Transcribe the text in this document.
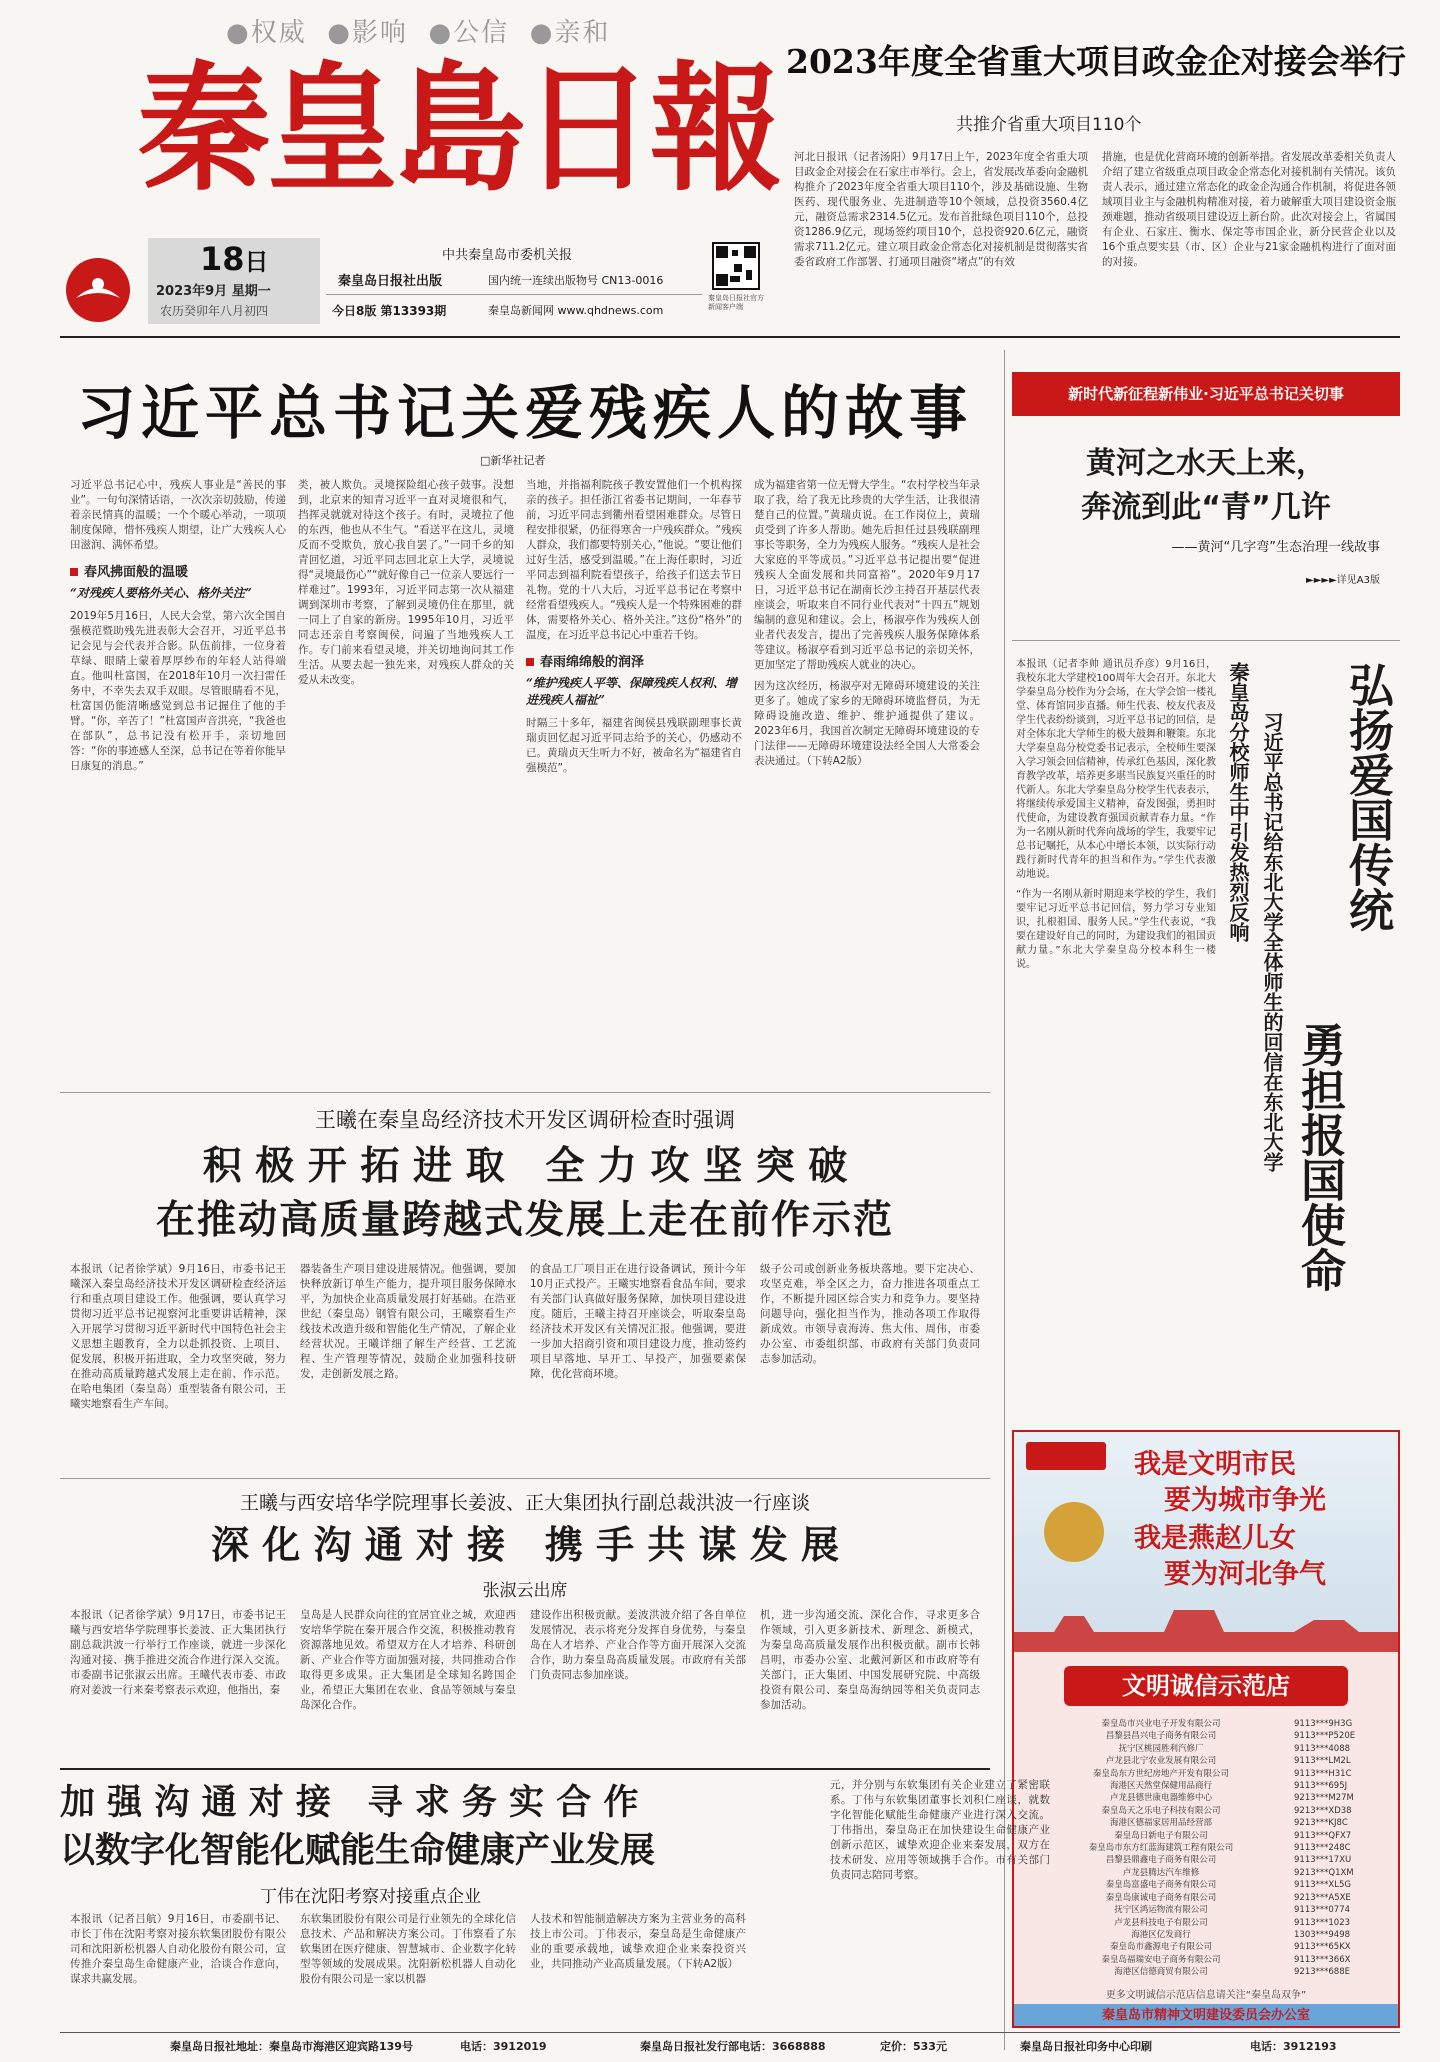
●权威 ●影响 ●公信 ●亲和
秦皇島日報
18日
2023年9月 星期一
农历癸卯年八月初四
中共秦皇岛市委机关报
秦皇岛日报社出版	国内统一连续出版物号 CN13-0016
今日8版 第13393期	秦皇岛新闻网 www.qhdnews.com
秦皇岛日报社官方新闻客户端
2023年度全省重大项目政金企对接会举行
共推介省重大项目110个
河北日报讯（记者汤阳）9月17日上午，2023年度全省重大项目政金企对接会在石家庄市举行。会上，省发展改革委向金融机构推介了2023年度全省重大项目110个，涉及基础设施、生物医药、现代服务业、先进制造等10个领域，总投资3560.4亿元，融资总需求2314.5亿元。发布首批绿色项目110个，总投资1286.9亿元，现场签约项目10个，总投资920.6亿元，融资需求711.2亿元。建立项目政金企常态化对接机制是贯彻落实省委省政府工作部署、打通项目融资“堵点”的有效
措施，也是优化营商环境的创新举措。省发展改革委相关负责人介绍了建立省级重点项目政金企常态化对接机制有关情况。该负责人表示，通过建立常态化的政金企沟通合作机制，将促进各领域项目业主与金融机构精准对接，着力破解重大项目建设资金瓶颈难题，推动省级项目建设迈上新台阶。此次对接会上，省属国有企业、石家庄、衡水、保定等市国企业，新分民营企业以及16个重点要实县（市、区）企业与21家金融机构进行了面对面的对接。
习近平总书记关爱残疾人的故事
□新华社记者
习近平总书记心中，残疾人事业是“善民的事业”。一句句深情话语，一次次亲切鼓励，传递着亲民情真的温暖；一个个暖心举动，一项项制度保障，惜怀残疾人期望，让广大残疾人心田滋润、满怀希望。
春风拂面般的温暖
“对残疾人要格外关心、格外关注”
2019年5月16日，人民大会堂，第六次全国自强模范暨助残先进表彰大会召开，习近平总书记会见与会代表并合影。队伍前排，一位身着草绿、眼睛上蒙着厚厚纱布的年轻人站得端直。他叫杜富国，在2018年10月一次扫雷任务中，不幸失去双手双眼。尽管眼睛看不见，杜富国仍能清晰感觉到总书记握住了他的手臂。“你，辛苦了！”杜富国声音洪亮，“我爸也在部队”，总书记没有松开手，亲切地回答：“你的事迹感人至深，总书记在等着你能早日康复的消息。”
类，被人欺负。灵境探险组心孩子鼓事。没想到，北京来的知青习近平一直对灵境很和气，挡挥灵就就对待这个孩子。有时，灵境拉了他的东西，他也从不生气。“看送平在这儿，灵境反而不受欺负，放心我自罢了。”一同千乡的知青回忆道，习近平同志回北京上大学，灵境说得“灵境最伤心”“就好像自己一位亲人要远行一样难过”。1993年，习近平同志第一次从福建调到深圳市考察，了解到灵境仍住在那里，就一同上了自家的新房。1995年10月，习近平同志还亲自考察闽侯，问遍了当地残疾人工作。专门前来看望灵境，并关切地询问其工作生活。从要去起一独先来，对残疾人群众的关爱从未改变。
当地，并指福利院孩子教安置他们一个机构探亲的孩子。担任浙江省委书记期间，一年春节前，习近平同志到衢州看望困难群众。尽管日程安排很紧，仍征得寒舍一户残疾群众。“残疾人群众，我们都要特别关心，”他说。“要让他们过好生活，感受到温暖。”在上海任职时，习近平同志到福利院看望孩子，给孩子们送去节日礼物。党的十八大后，习近平总书记在考察中经常看望残疾人。“残疾人是一个特殊困难的群体，需要格外关心、格外关注。”这份“格外”的温度，在习近平总书记心中重若千钧。
春雨绵绵般的润泽
“维护残疾人平等、保障残疾人权利、增进残疾人福祉”
时隔三十多年，福建省闽侯县残联副理事长黄瑞贞回忆起习近平同志给予的关心，仍感动不已。黄瑞贞天生听力不好，被命名为“福建省自强模范”。
成为福建省第一位无臂大学生。“农村学校当年录取了我，给了我无比珍贵的大学生活，让我很清楚自己的位置。”黄瑞贞说。在工作岗位上，黄瑞贞受到了许多人帮助。她先后担任过县残联副理事长等职务，全力为残疾人服务。“残疾人是社会大家庭的平等成员。”习近平总书记提出要“促进残疾人全面发展和共同富裕”。2020年9月17日，习近平总书记在湖南长沙主持召开基层代表座谈会，听取来自不同行业代表对“十四五”规划编制的意见和建议。会上，杨淑亭作为残疾人创业者代表发言，提出了完善残疾人服务保障体系等建议。杨淑亭看到习近平总书记的亲切关怀，更加坚定了帮助残疾人就业的决心。
因为这次经历，杨淑亭对无障碍环境建设的关注更多了。她成了家乡的无障碍环境监督员，为无障碍设施改造、维护、维护通提供了建议。2023年6月，我国首次制定无障碍环境建设的专门法律——无障碍环境建设法经全国人大常委会表决通过。（下转A2版）
新时代新征程新伟业·习近平总书记关切事
黄河之水天上来，
奔流到此“青”几许
——黄河“几字弯”生态治理一线故事
►►►►详见A3版
本报讯（记者李帅 通讯员乔彦）9月16日，我校东北大学建校100周年大会召开。东北大学秦皇岛分校作为分会场，在大学会馆一楼礼堂、体育馆同步直播。师生代表、校友代表及学生代表纷纷谈到，习近平总书记的回信，是对全体东北大学师生的极大鼓舞和鞭策。东北大学秦皇岛分校党委书记表示，全校师生要深入学习领会回信精神，传承红色基因，深化教育教学改革，培养更多堪当民族复兴重任的时代新人。东北大学秦皇岛分校学生代表表示，将继续传承爱国主义精神，奋发图强，勇担时代使命，为建设教育强国贡献青春力量。“作为一名刚从新时代奔向战场的学生，我要牢记总书记嘱托，从本心中增长本领，以实际行动践行新时代青年的担当和作为。”学生代表激动地说。
“作为一名刚从新时期迎来学校的学生，我们要牢记习近平总书记回信，努力学习专业知识，扎根祖国、服务人民。”学生代表说，“我要在建设好自己的同时，为建设我们的祖国贡献力量。”东北大学秦皇岛分校本科生一楼说。
秦皇岛分校师生中引发热烈反响 习近平总书记给东北大学全体师生的回信在东北大学 勇担报国使命
弘扬爱国传统
我是文明市民
要为城市争光
我是燕赵儿女
要为河北争气
文明诚信示范店
秦皇岛市兴业电子开发有限公司	9113***9H3G
昌黎县昌兴电子商务有限公司	9113***P520E
抚宁区桃园胜利汽修厂	9113***4088
卢龙县北宁农业发展有限公司	9113***LM2L
秦皇岛东方世纪房地产开发有限公司	9113***H31C
海港区天然堂保健用品商行	9113***695J
卢龙县德世康电器维修中心	9213***M27M
秦皇岛天之乐电子科技有限公司	9213***XD38
海港区德福家居用品经营部	9213***KJ8C
秦皇岛日新电子有限公司	9113***QFX7
秦皇岛市东方红蓝海建筑工程有限公司	9113***248C
昌黎县鼎鑫电子商务有限公司	9113***17XU
卢龙县腾达汽车维修	9213***Q1XM
秦皇岛富盛电子商务有限公司	9113***XL5G
秦皇岛康诚电子商务有限公司	9213***A5XE
抚宁区鸿运物流有限公司	9113***0774
卢龙县科技电子有限公司	9113***1023
海港区亿发商行	1303***9498
秦皇岛市鑫源电子有限公司	9113***65KX
秦皇岛福瑞安电子商务有限公司	9113***366X
海港区信德商贸有限公司	9213***688E
更多文明诚信示范店信息请关注“秦皇岛双争”
秦皇岛市精神文明建设委员会办公室
王曦在秦皇岛经济技术开发区调研检查时强调
积 极 开 拓 进 取   全 力 攻 坚 突 破
在推动高质量跨越式发展上走在前作示范
本报讯（记者徐学斌）9月16日，市委书记王曦深入秦皇岛经济技术开发区调研检查经济运行和重点项目建设工作。他强调，要认真学习贯彻习近平总书记视察河北重要讲话精神，深入开展学习贯彻习近平新时代中国特色社会主义思想主题教育，全力以赴抓投资、上项目、促发展，积极开拓进取，全力攻坚突破，努力在推动高质量跨越式发展上走在前、作示范。在哈电集团（秦皇岛）重型装备有限公司，王曦实地察看生产车间。
器装备生产项目建设进展情况。他强调，要加快释放新订单生产能力，提升项目服务保障水平，为加快企业高质量发展打好基础。在浩亚世纪（秦皇岛）钢管有限公司，王曦察看生产线技术改造升级和智能化生产情况，了解企业经营状况。王曦详细了解生产经营、工艺流程、生产管理等情况，鼓励企业加强科技研发，走创新发展之路。
的食品工厂项目正在进行设备调试，预计今年10月正式投产。王曦实地察看食品车间，要求有关部门认真做好服务保障，加快项目建设进度。随后，王曦主持召开座谈会，听取秦皇岛经济技术开发区有关情况汇报。他强调，要进一步加大招商引资和项目建设力度，推动签约项目早落地、早开工、早投产，加强要素保障，优化营商环境。
级子公司或创新业务板块落地。要下定决心、攻坚克难，举全区之力，奋力推进各项重点工作，不断提升园区综合实力和竞争力。要坚持问题导向，强化担当作为，推动各项工作取得新成效。市领导袁海涛、焦大伟、周伟，市委办公室、市委组织部、市政府有关部门负责同志参加活动。
王曦与西安培华学院理事长姜波、正大集团执行副总裁洪波一行座谈
深 化 沟 通 对 接   携 手 共 谋 发 展
张淑云出席
本报讯（记者徐学斌）9月17日，市委书记王曦与西安培华学院理事长姜波、正大集团执行副总裁洪波一行举行工作座谈，就进一步深化沟通对接、携手推进交流合作进行深入交流。市委副书记张淑云出席。王曦代表市委、市政府对姜波一行来秦考察表示欢迎，他指出，秦
皇岛是人民群众向往的宜居宜业之城，欢迎西安培华学院在秦开展合作交流，积极推动教育资源落地见效。希望双方在人才培养、科研创新、产业合作等方面加强对接，共同推动合作取得更多成果。正大集团是全球知名跨国企业，希望正大集团在农业、食品等领域与秦皇岛深化合作。
建设作出积极贡献。姜波洪波介绍了各自单位发展情况，表示将充分发挥自身优势，与秦皇岛在人才培养、产业合作等方面开展深入交流合作，助力秦皇岛高质量发展。市政府有关部门负责同志参加座谈。
机，进一步沟通交流、深化合作，寻求更多合作领域，引入更多新技术、新理念、新模式，为秦皇岛高质量发展作出积极贡献。副市长韩昌明，市委办公室、北戴河新区和市政府等有关部门，正大集团、中国发展研究院、中高级投资有限公司、秦皇岛海纳园等相关负责同志参加活动。
加 强 沟 通 对 接   寻 求 务 实 合 作
以数字化智能化赋能生命健康产业发展
丁伟在沈阳考察对接重点企业
本报讯（记者吕航）9月16日，市委副书记、市长丁伟在沈阳考察对接东软集团股份有限公司和沈阳新松机器人自动化股份有限公司，宣传推介秦皇岛生命健康产业，洽谈合作意向，谋求共赢发展。
东软集团股份有限公司是行业领先的全球化信息技术、产品和解决方案公司。丁伟察看了东软集团在医疗健康、智慧城市、企业数字化转型等领域的发展成果。沈阳新松机器人自动化股份有限公司是一家以机器
人技术和智能制造解决方案为主营业务的高科技上市公司。丁伟表示，秦皇岛是生命健康产业的重要承载地，诚挚欢迎企业来秦投资兴业，共同推动产业高质量发展。（下转A2版）
元，并分别与东软集团有关企业建立了紧密联系。丁伟与东软集团董事长刘积仁座谈，就数字化智能化赋能生命健康产业进行深入交流。丁伟指出，秦皇岛正在加快建设生命健康产业创新示范区，诚挚欢迎企业来秦发展，双方在技术研发、应用等领域携手合作。市有关部门负责同志陪同考察。
秦皇岛日报社地址：秦皇岛市海港区迎宾路139号	电话：3912019	秦皇岛日报社发行部电话：3668888	定价：533元	秦皇岛日报社印务中心印刷	电话：3912193
